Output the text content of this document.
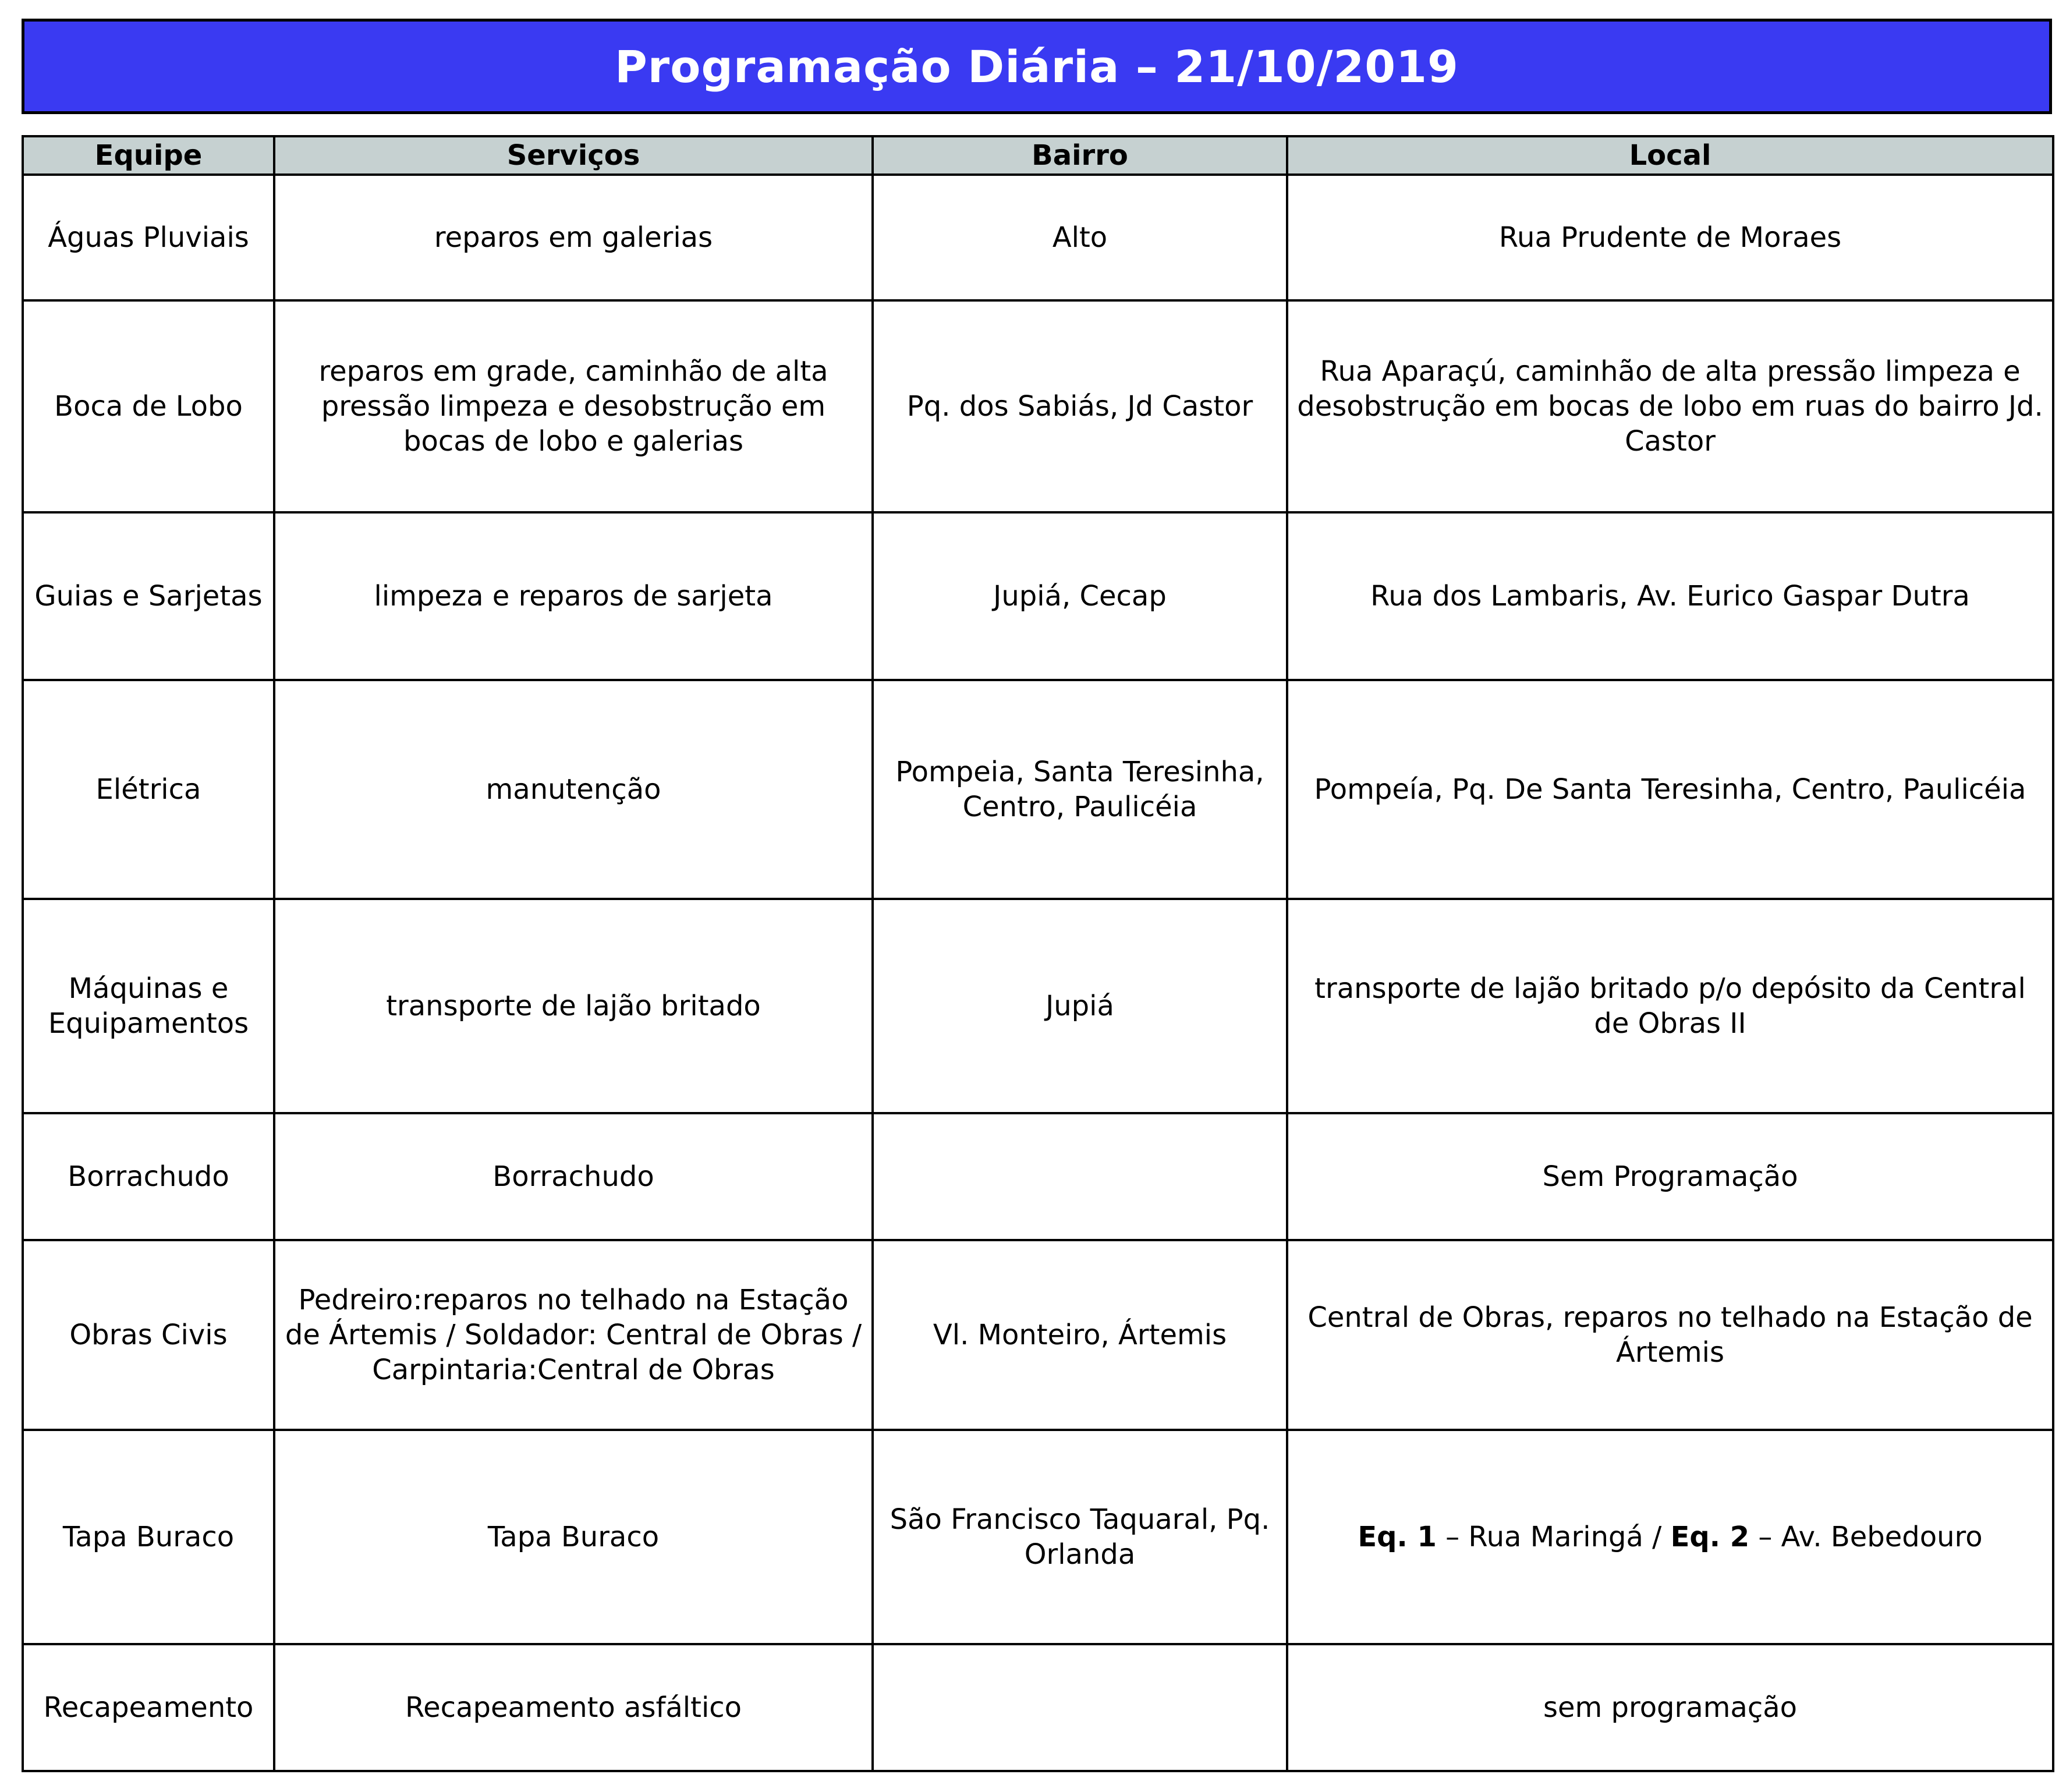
Programação Diária – 21/10/2019
Equipe	Serviços	Bairro	Local
Águas Pluviais	reparos em galerias	Alto	Rua Prudente de Moraes
Boca de Lobo	reparos em grade, caminhão de alta pressão limpeza e desobstrução em bocas de lobo e galerias	Pq. dos Sabiás, Jd Castor	Rua Aparaçú, caminhão de alta pressão limpeza e desobstrução em bocas de lobo em ruas do bairro Jd. Castor
Guias e Sarjetas	limpeza e reparos de sarjeta	Jupiá, Cecap	Rua dos Lambaris, Av. Eurico Gaspar Dutra
Elétrica	manutenção	Pompeia, Santa Teresinha, Centro, Paulicéia	Pompeía, Pq. De Santa Teresinha, Centro, Paulicéia
Máquinas e Equipamentos	transporte de lajão britado	Jupiá	transporte de lajão britado p/o depósito da Central de Obras II
Borrachudo	Borrachudo		Sem Programação
Obras Civis	Pedreiro:reparos no telhado na Estação de Ártemis / Soldador: Central de Obras / Carpintaria:Central de Obras	Vl. Monteiro, Ártemis	Central de Obras, reparos no telhado na Estação de Ártemis
Tapa Buraco	Tapa Buraco	São Francisco Taquaral, Pq. Orlanda	Eq. 1 – Rua Maringá / Eq. 2 – Av. Bebedouro
Recapeamento	Recapeamento asfáltico		sem programação
